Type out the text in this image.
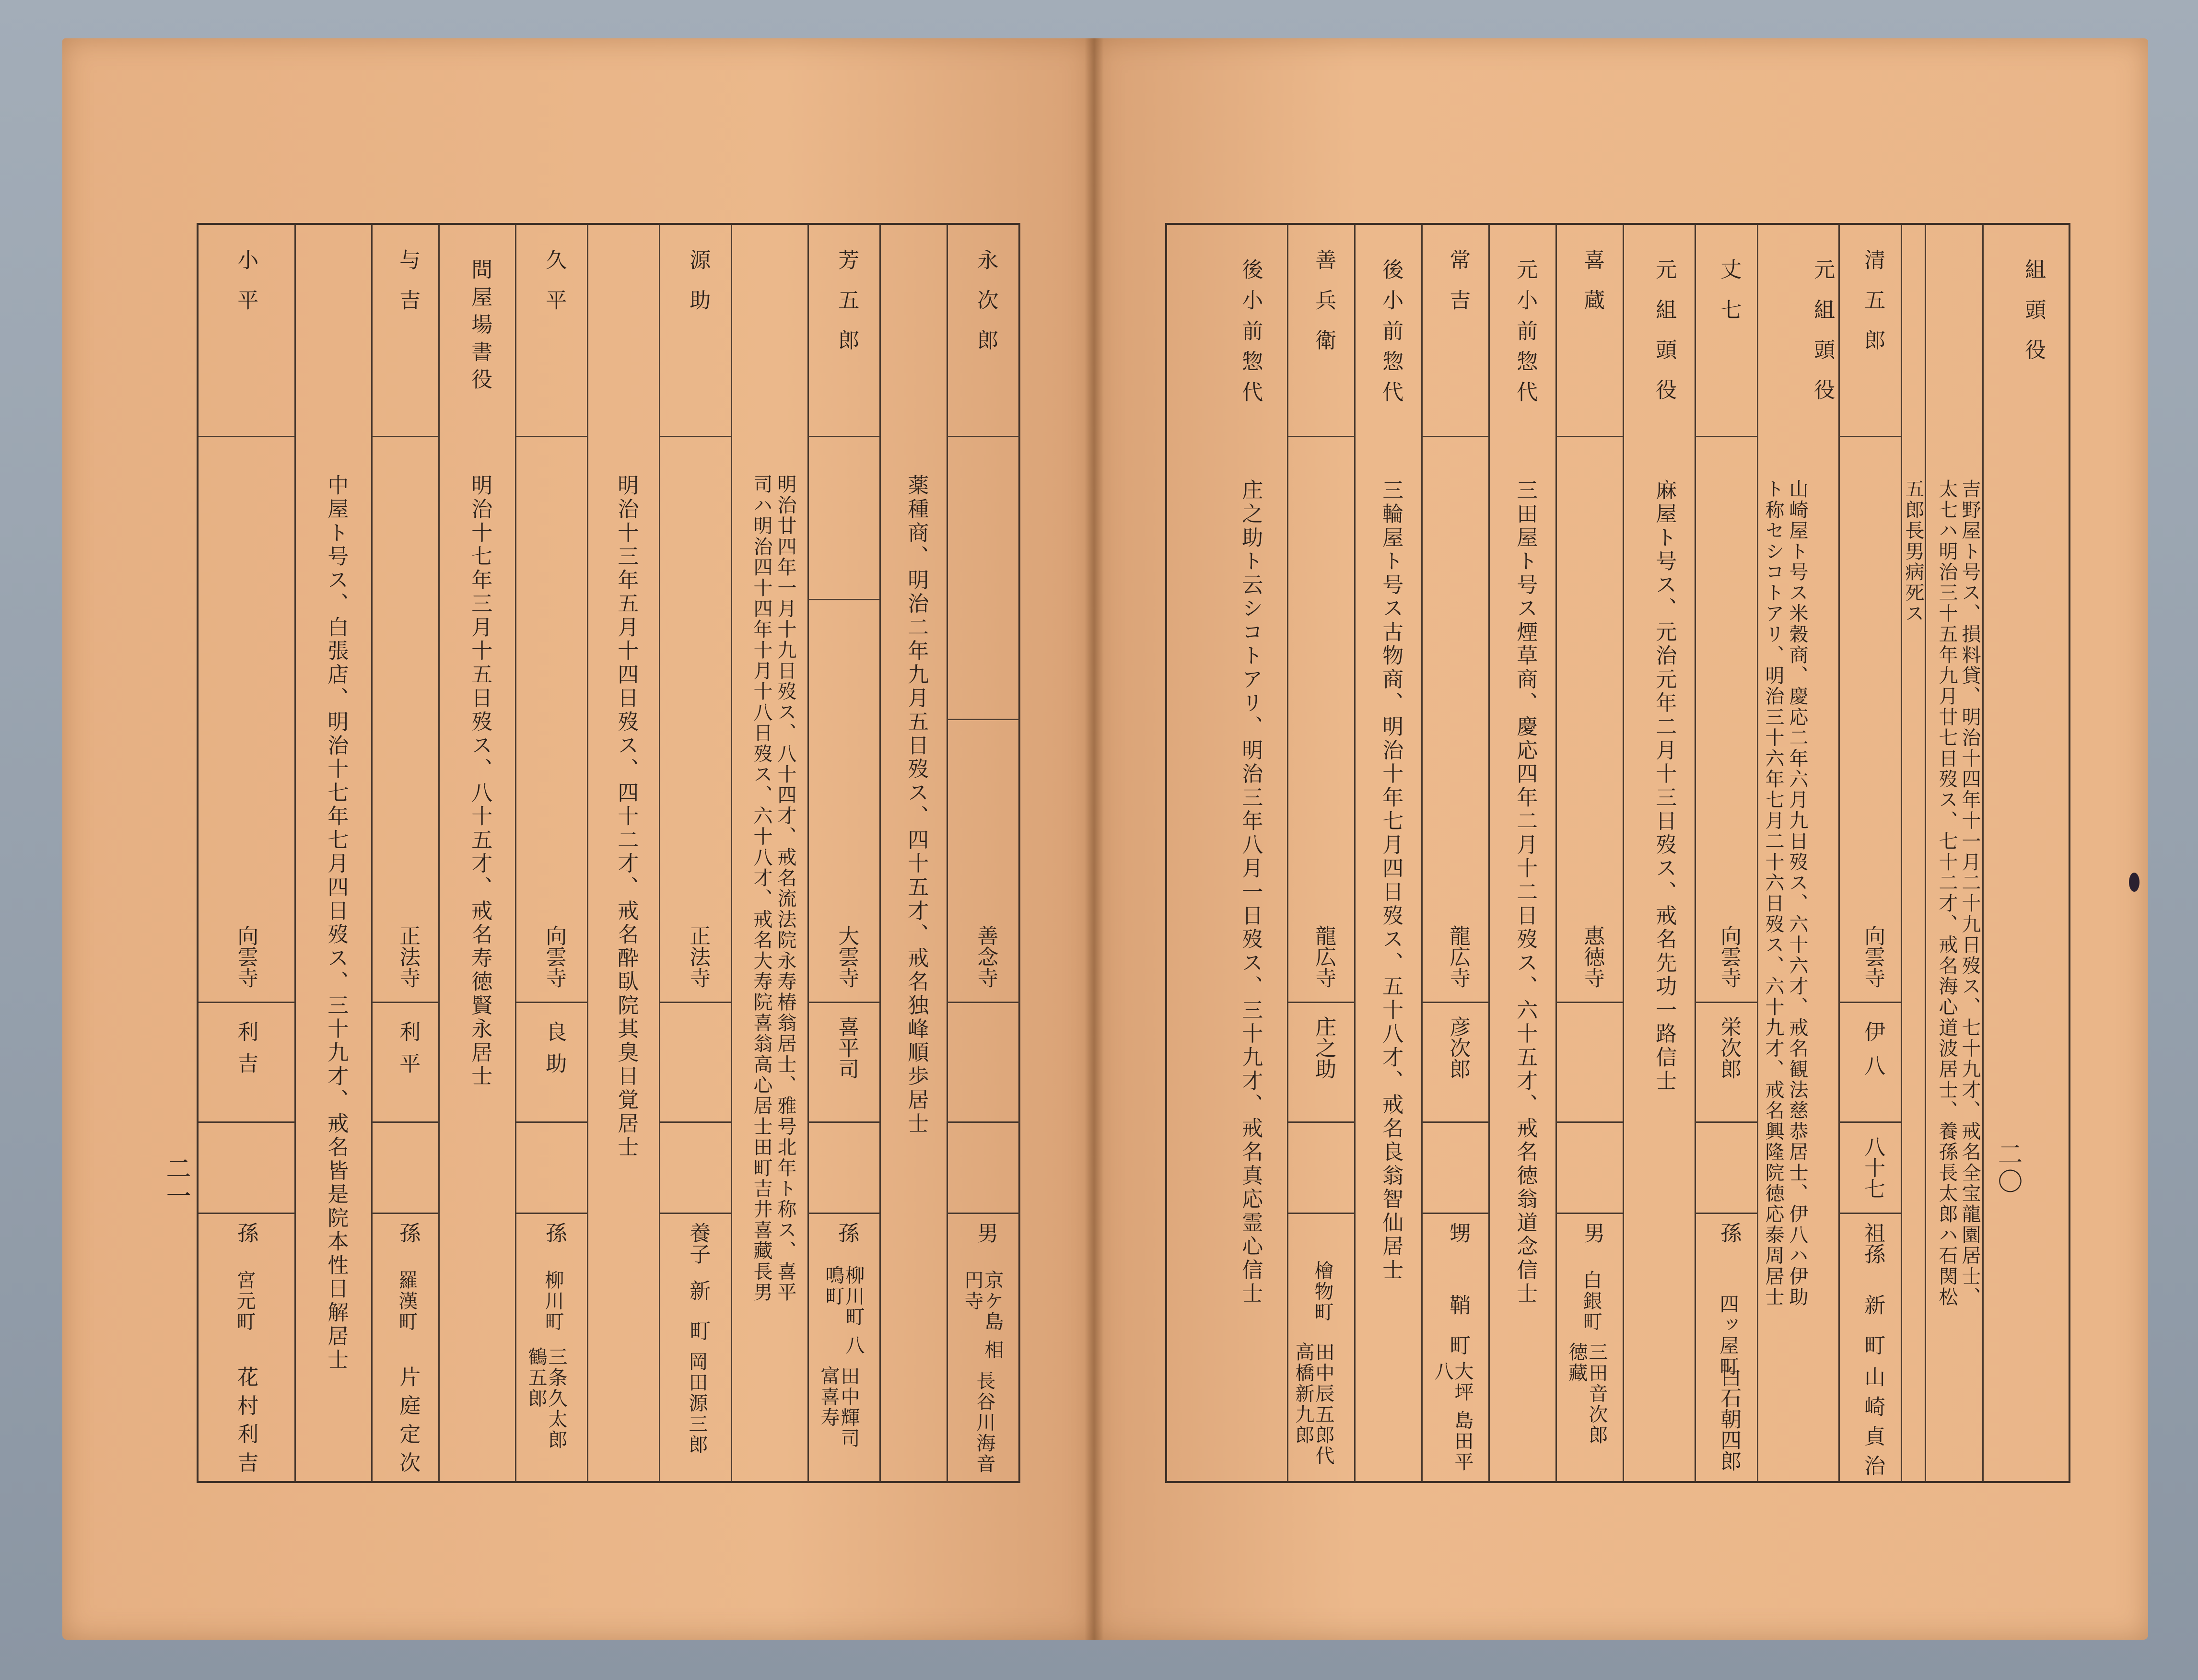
組頭役
吉野屋ト号ス、損料貸、明治十四年十一月二十九日歿ス、七十九才、戒名全宝龍園居士、
太七ハ明治三十五年九月廿七日歿ス、七十二才、戒名海心道波居士、養孫長太郎ハ石関松
五郎長男病死ス
清五郎
向雲寺
伊八
八十七
祖孫
新町
山崎貞治
元組頭役
山崎屋ト号ス米穀商、慶応二年六月九日歿ス、六十六才、戒名観法慈恭居士、伊八ハ伊助
ト称セシコトアリ、明治三十六年七月二十六日歿ス、六十九才、戒名興隆院徳応泰周居士
丈七
向雲寺
栄次郎
孫
四ッ屋町
白石朝四郎
元組頭役
麻屋ト号ス、元治元年二月十三日歿ス、戒名先功一路信士
喜蔵
惠徳寺
男
白銀町
三田音次郎 徳藏
元小前惣代
三田屋ト号ス煙草商、慶応四年二月十二日歿ス、六十五才、戒名徳翁道念信士
常吉
龍広寺
彦次郎
甥
鞘町
大坪 島田平八
後小前惣代
三輪屋ト号ス古物商、明治十年七月四日歿ス、五十八才、戒名良翁智仙居士
善兵衛
龍広寺
庄之助
檜物町
田中辰五郎代 高橋新九郎
後小前惣代
庄之助ト云シコトアリ、明治三年八月一日歿ス、三十九才、戒名真応霊心信士	二〇
永次郎
善念寺
男
京ケ島 相円寺
長谷川海音
薬種商、明治二年九月五日歿ス、四十五才、戒名独峰順歩居士
芳五郎
大雲寺
喜平司
孫
柳川町 八鳴町
田中輝司 富喜寿
明治廿四年一月十九日歿ス、八十四才、戒名流法院永寿椿翁居士、雅号北年ト称ス、喜平
司ハ明治四十四年十月十八日歿ス、六十八才、戒名大寿院喜翁高心居士田町吉井喜藏長男
源助
正法寺
養子
新町
岡田源三郎
明治十三年五月十四日歿ス、四十二才、戒名酔臥院其臭日覚居士
久平
向雲寺
良助
孫
柳川町
三条久太郎 鶴五郎
問屋場書役
明治十七年三月十五日歿ス、八十五才、戒名寿徳賢永居士
与吉
正法寺
利平
孫
羅漢町
片庭定次
中屋ト号ス、白張店、明治十七年七月四日歿ス、三十九才、戒名皆是院本性日解居士
小平
向雲寺
利吉
孫
宮元町
花村利吉
二一
